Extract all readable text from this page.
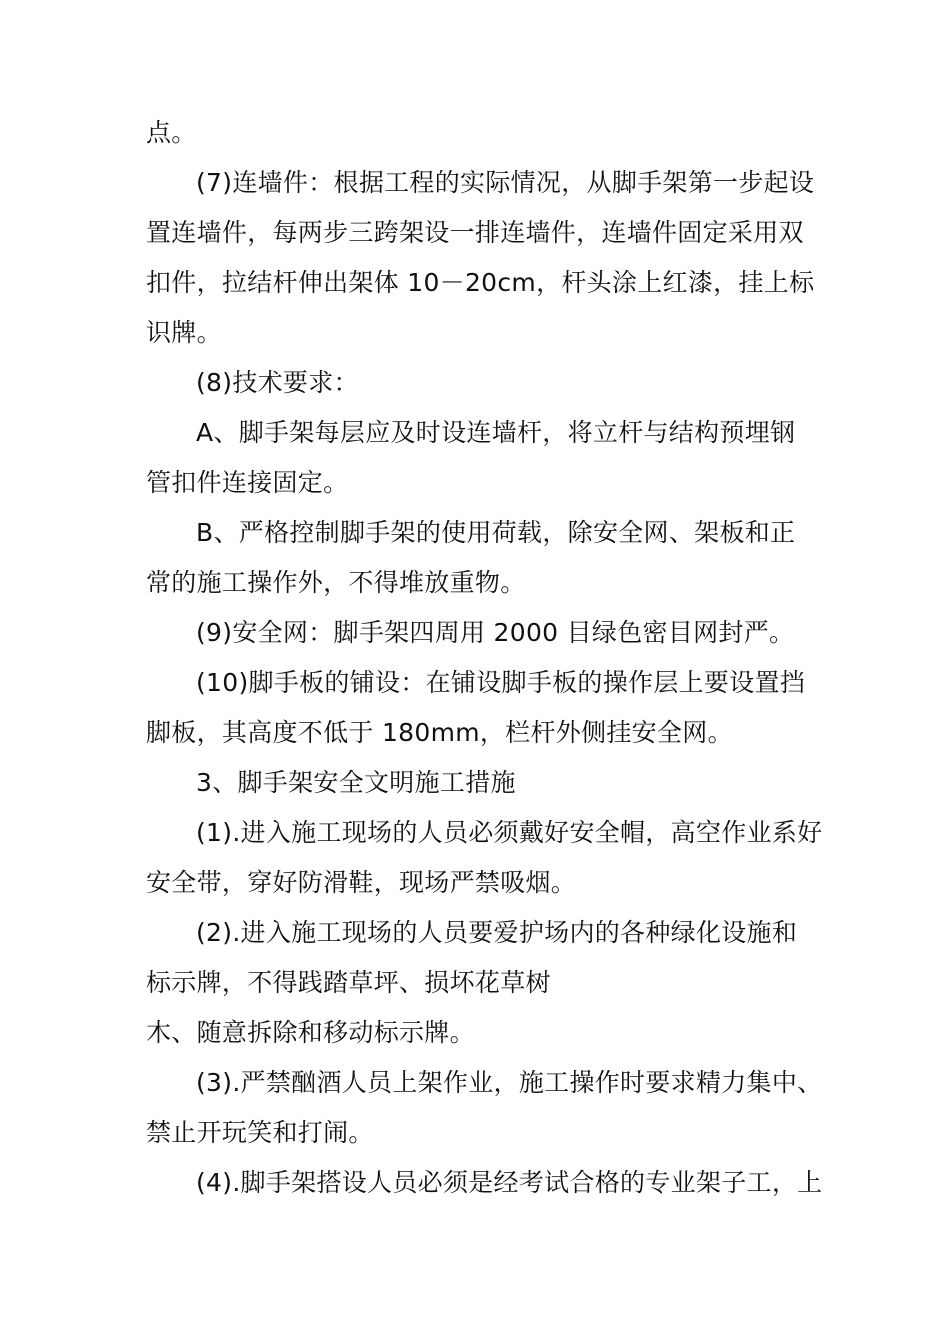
点。
(7)连墙件：根据工程的实际情况，从脚手架第一步起设
置连墙件，每两步三跨架设一排连墙件，连墙件固定采用双
扣件，拉结杆伸出架体 10－20cm，杆头涂上红漆，挂上标
识牌。
(8)技术要求：
A、脚手架每层应及时设连墙杆，将立杆与结构预埋钢
管扣件连接固定。
B、严格控制脚手架的使用荷载，除安全网、架板和正
常的施工操作外，不得堆放重物。
(9)安全网：脚手架四周用 2000 目绿色密目网封严。
(10)脚手板的铺设：在铺设脚手板的操作层上要设置挡
脚板，其高度不低于 180mm，栏杆外侧挂安全网。
3、脚手架安全文明施工措施
(1).进入施工现场的人员必须戴好安全帽，高空作业系好
安全带，穿好防滑鞋，现场严禁吸烟。
(2).进入施工现场的人员要爱护场内的各种绿化设施和
标示牌，不得践踏草坪、损坏花草树
木、随意拆除和移动标示牌。
(3).严禁酗酒人员上架作业，施工操作时要求精力集中、
禁止开玩笑和打闹。
(4).脚手架搭设人员必须是经考试合格的专业架子工，上
